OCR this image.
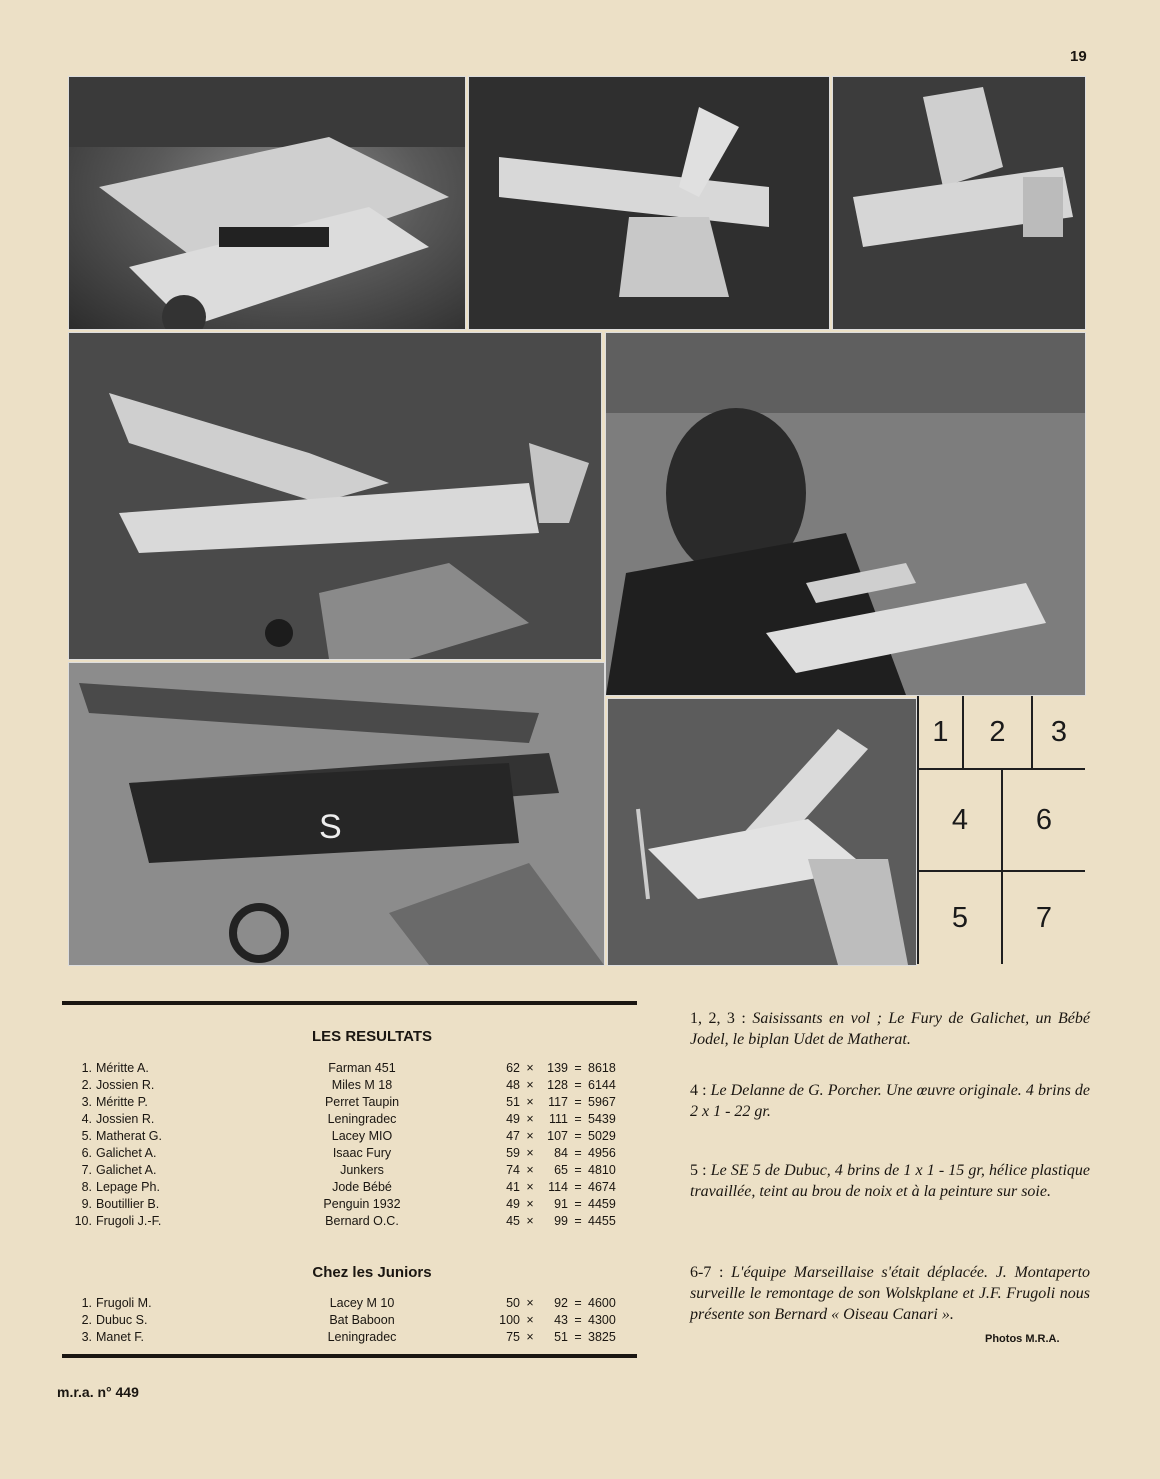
19
S
1	2	3
4	6
5	7
LES RESULTATS
1. Méritte A.	Farman 451	62 ×	139 = 8618
2. Jossien R.	Miles M 18	48 ×	128 = 6144
3. Méritte P.	Perret Taupin	51 ×	117 = 5967
4. Jossien R.	Leningradec	49 ×	111 = 5439
5. Matherat G.	Lacey MIO	47 ×	107 = 5029
6. Galichet A.	Isaac Fury	59 ×	84 = 4956
7. Galichet A.	Junkers	74 ×	65 = 4810
8. Lepage Ph.	Jode Bébé	41 ×	114 = 4674
9. Boutillier B.	Penguin 1932	49 ×	91 = 4459
10. Frugoli J.-F.	Bernard O.C.	45 ×	99 = 4455
Chez les Juniors
1. Frugoli M.	Lacey M 10	50 ×	92 = 4600
2. Dubuc S.	Bat Baboon	100 ×	43 = 4300
3. Manet F.	Leningradec	75 ×	51 = 3825
m.r.a. n° 449
1, 2, 3 : Saisissants en vol ; Le Fury de Galichet, un Bébé Jodel, le biplan Udet de Matherat.
4 : Le Delanne de G. Porcher. Une œuvre originale. 4 brins de 2 x 1 - 22 gr.
5 : Le SE 5 de Dubuc, 4 brins de 1 x 1 - 15 gr, hélice plastique travaillée, teint au brou de noix et à la peinture sur soie.
6-7 : L'équipe Marseillaise s'était déplacée. J. Montaperto surveille le remontage de son Wolskplane et J.F. Frugoli nous présente son Bernard « Oiseau Canari ».
Photos M.R.A.
